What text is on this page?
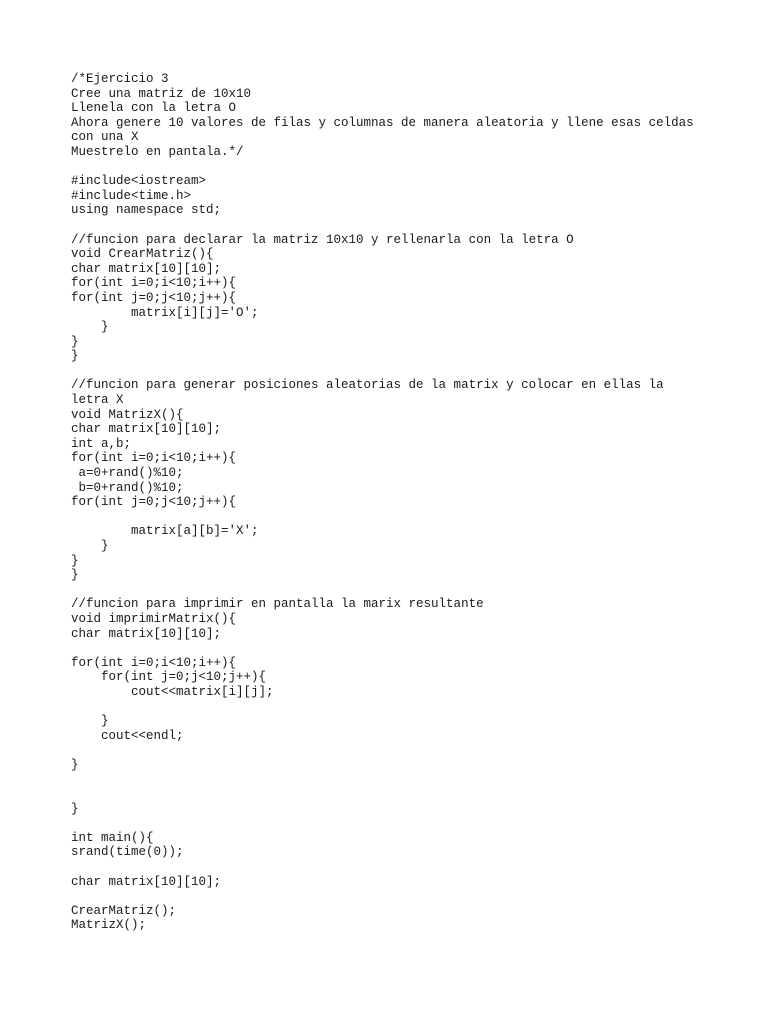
/*Ejercicio 3
Cree una matriz de 10x10
Llenela con la letra O
Ahora genere 10 valores de filas y columnas de manera aleatoria y llene esas celdas
con una X
Muestrelo en pantala.*/
#include<iostream>
#include<time.h>
using namespace std;
//funcion para declarar la matriz 10x10 y rellenarla con la letra O
void CrearMatriz(){
char matrix[10][10];
for(int i=0;i<10;i++){
for(int j=0;j<10;j++){
matrix[i][j]='O';
}
}
}
//funcion para generar posiciones aleatorias de la matrix y colocar en ellas la
letra X
void MatrizX(){
char matrix[10][10];
int a,b;
for(int i=0;i<10;i++){
a=0+rand()%10;
b=0+rand()%10;
for(int j=0;j<10;j++){
matrix[a][b]='X';
}
}
}
//funcion para imprimir en pantalla la marix resultante
void imprimirMatrix(){
char matrix[10][10];
for(int i=0;i<10;i++){
for(int j=0;j<10;j++){
cout<<matrix[i][j];
}
cout<<endl;
}
}
int main(){
srand(time(0));
char matrix[10][10];
CrearMatriz();
MatrizX();
